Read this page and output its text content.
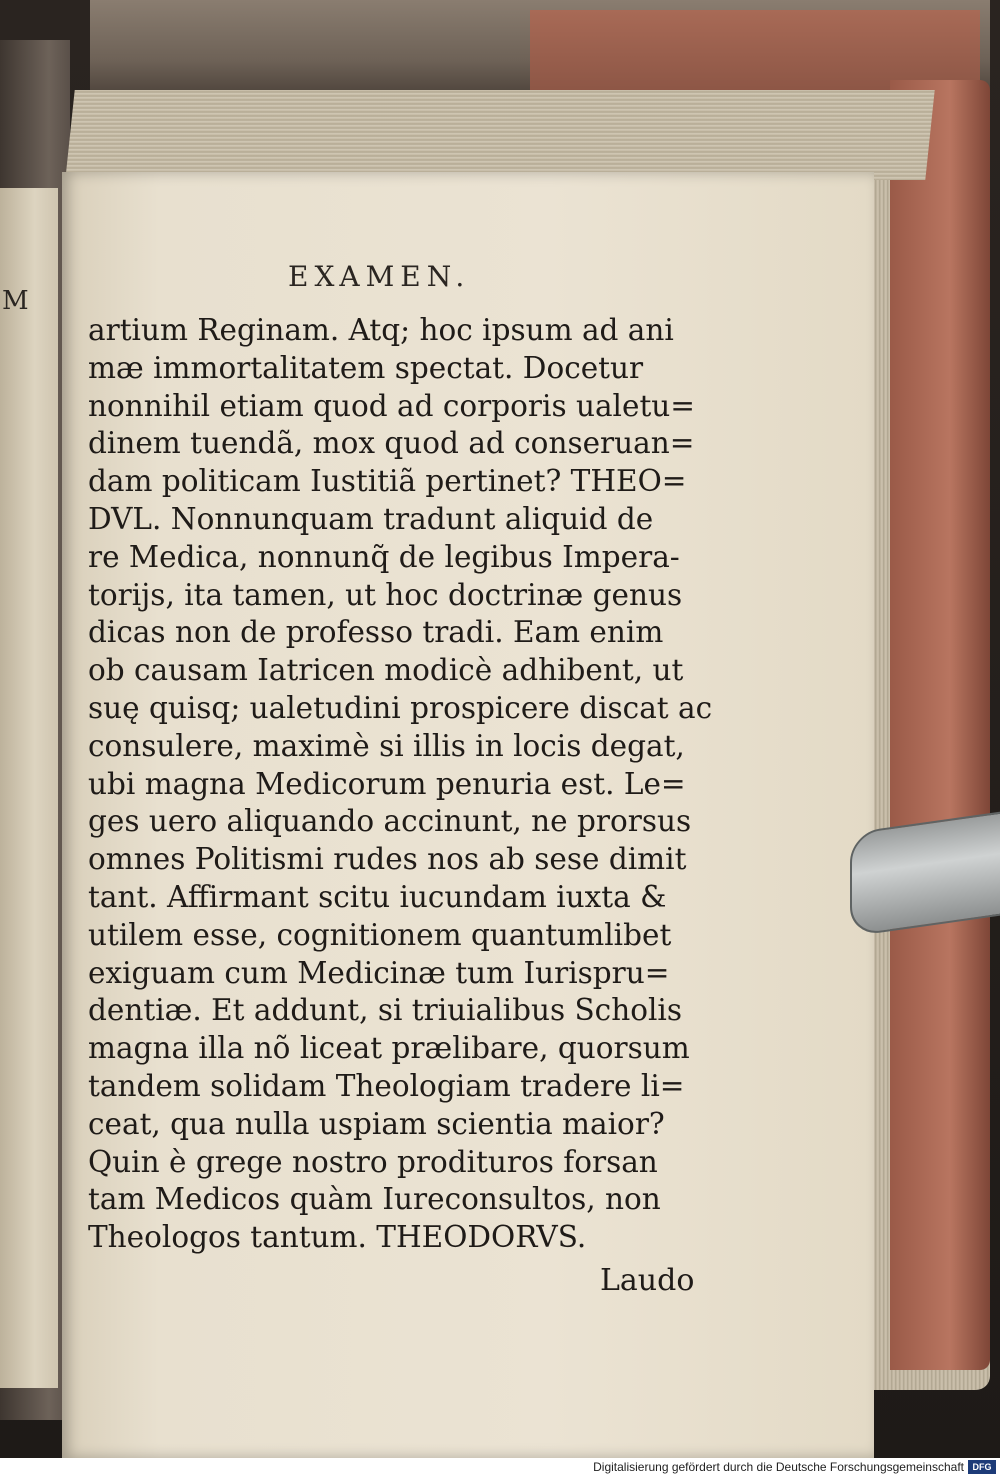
M
EXAMEN.
artium Reginam. Atq; hoc ipsum ad ani
mæ immortalitatem spectat. Docetur
nonnihil etiam quod ad corporis ualetu=
dinem tuendã, mox quod ad conseruan=
dam politicam Iustitiã pertinet? THEO=
DVL. Nonnunquam tradunt aliquid de
re Medica, nonnunq̃ de legibus Impera-
torijs, ita tamen, ut hoc doctrinæ genus
dicas non de professo tradi. Eam enim
ob causam Iatricen modicè adhibent, ut
suę quisq; ualetudini prospicere discat ac
consulere, maximè si illis in locis degat,
ubi magna Medicorum penuria est. Le=
ges uero aliquando accinunt, ne prorsus
omnes Politismi rudes nos ab sese dimit
tant. Affirmant scitu iucundam iuxta &
utilem esse, cognitionem quantumlibet
exiguam cum Medicinæ tum Iurispru=
dentiæ. Et addunt, si triuialibus Scholis
magna illa nõ liceat prælibare, quorsum
tandem solidam Theologiam tradere li=
ceat, qua nulla uspiam scientia maior?
Quin è grege nostro prodituros forsan
tam Medicos quàm Iureconsultos, non
Theologos tantum. THEODORVS.
Laudo
Digitalisierung gefördert durch die Deutsche Forschungsgemeinschaft DFG
